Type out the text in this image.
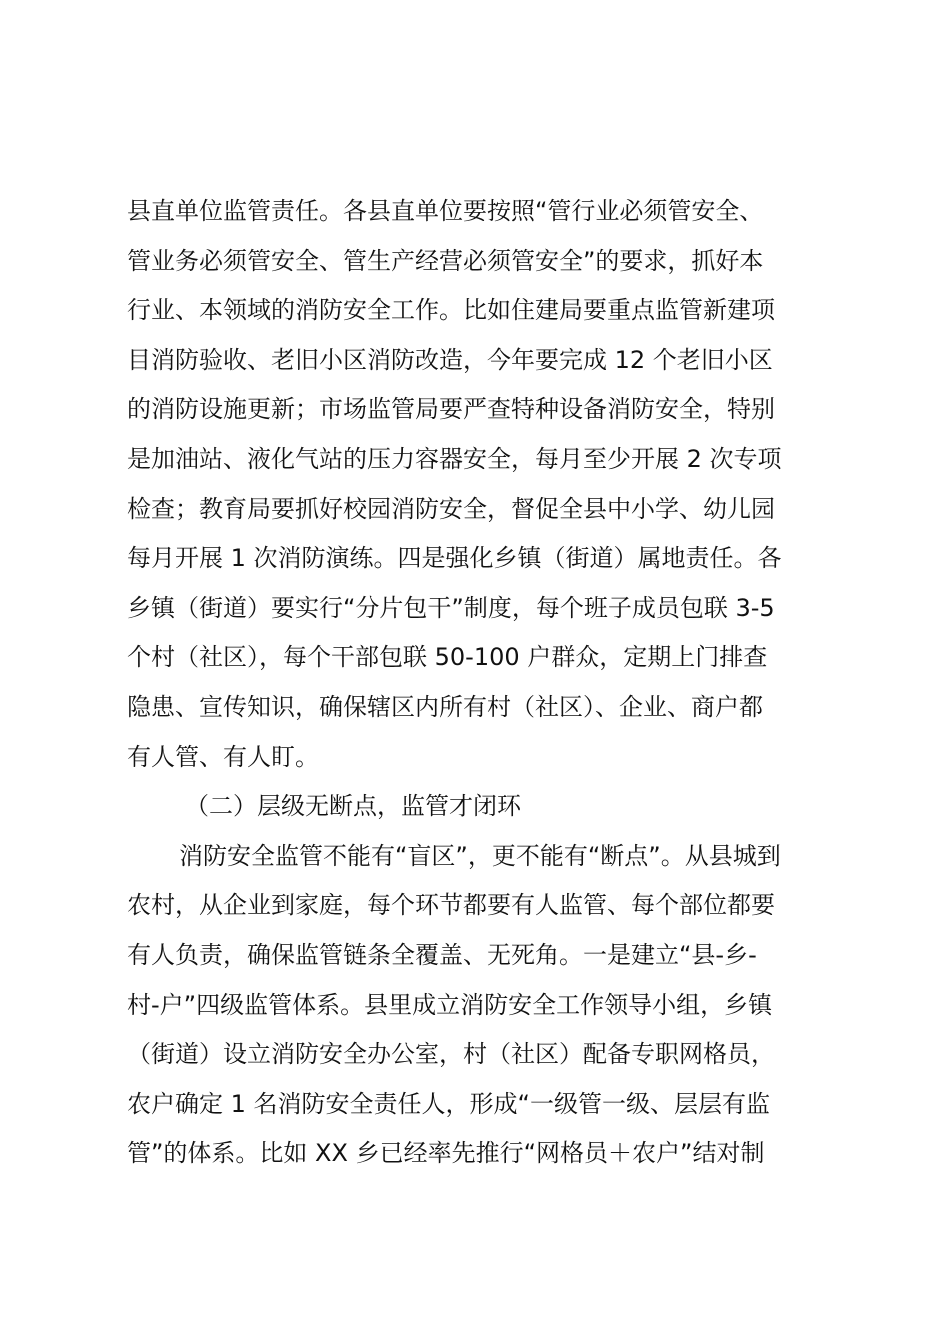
县直单位监管责任。各县直单位要按照“管行业必须管安全、
管业务必须管安全、管生产经营必须管安全”的要求，抓好本
行业、本领域的消防安全工作。比如住建局要重点监管新建项
目消防验收、老旧小区消防改造，今年要完成 12 个老旧小区
的消防设施更新；市场监管局要严查特种设备消防安全，特别
是加油站、液化气站的压力容器安全，每月至少开展 2 次专项
检查；教育局要抓好校园消防安全，督促全县中小学、幼儿园
每月开展 1 次消防演练。四是强化乡镇（街道）属地责任。各
乡镇（街道）要实行“分片包干”制度，每个班子成员包联 3-5
个村（社区），每个干部包联 50-100 户群众，定期上门排查
隐患、宣传知识，确保辖区内所有村（社区）、企业、商户都
有人管、有人盯。
（二）层级无断点，监管才闭环
消防安全监管不能有“盲区”，更不能有“断点”。从县城到
农村，从企业到家庭，每个环节都要有人监管、每个部位都要
有人负责，确保监管链条全覆盖、无死角。一是建立“县-乡-
村-户”四级监管体系。县里成立消防安全工作领导小组，乡镇
（街道）设立消防安全办公室，村（社区）配备专职网格员，
农户确定 1 名消防安全责任人，形成“一级管一级、层层有监
管”的体系。比如 XX 乡已经率先推行“网格员＋农户”结对制
